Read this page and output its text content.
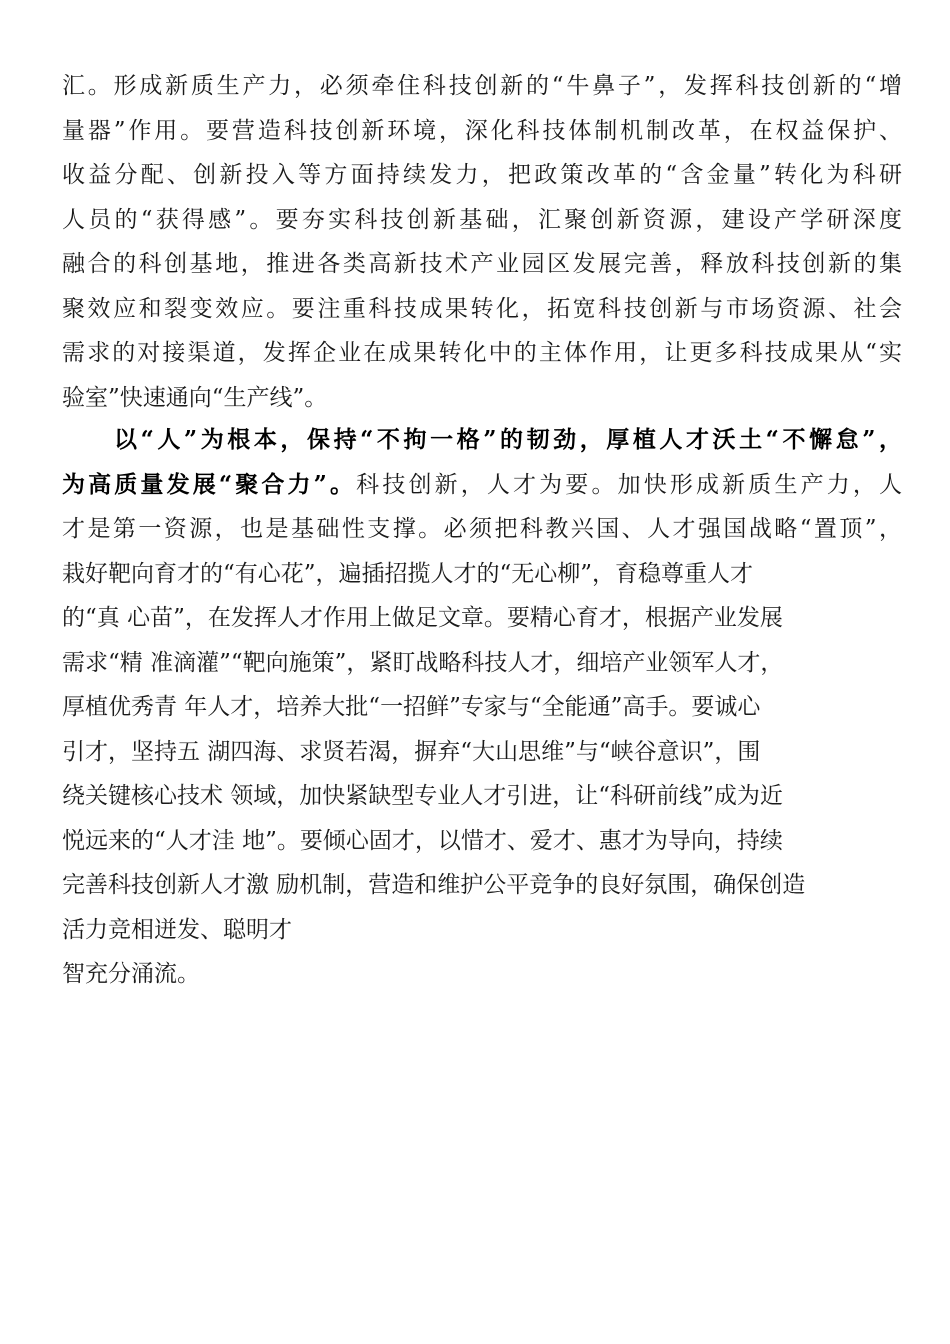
汇。形成新质生产力，必须牵住科技创新的“牛鼻子”，发挥科技创新的“增
量器”作用。要营造科技创新环境，深化科技体制机制改革，在权益保护、
收益分配、创新投入等方面持续发力，把政策改革的“含金量”转化为科研
人员的“获得感”。要夯实科技创新基础，汇聚创新资源，建设产学研深度
融合的科创基地，推进各类高新技术产业园区发展完善，释放科技创新的集
聚效应和裂变效应。要注重科技成果转化，拓宽科技创新与市场资源、社会
需求的对接渠道，发挥企业在成果转化中的主体作用，让更多科技成果从“实
验室”快速通向“生产线”。
以“人”为根本，保持“不拘一格”的韧劲，厚植人才沃土“不懈怠”，
为高质量发展“聚合力”。科技创新，人才为要。加快形成新质生产力，人
才是第一资源，也是基础性支撑。必须把科教兴国、人才强国战略“置顶”，
栽好靶向育才的“有心花”，遍插招揽人才的“无心柳”，育稳尊重人才
的“真 心苗”，在发挥人才作用上做足文章。要精心育才，根据产业发展
需求“精 准滴灌”“靶向施策”，紧盯战略科技人才，细培产业领军人才，
厚植优秀青 年人才，培养大批“一招鲜”专家与“全能通”高手。要诚心
引才，坚持五 湖四海、求贤若渴，摒弃“大山思维”与“峡谷意识”，围
绕关键核心技术 领域，加快紧缺型专业人才引进，让“科研前线”成为近
悦远来的“人才洼 地”。要倾心固才，以惜才、爱才、惠才为导向，持续
完善科技创新人才激 励机制，营造和维护公平竞争的良好氛围，确保创造
活力竞相迸发、聪明才
智充分涌流。
